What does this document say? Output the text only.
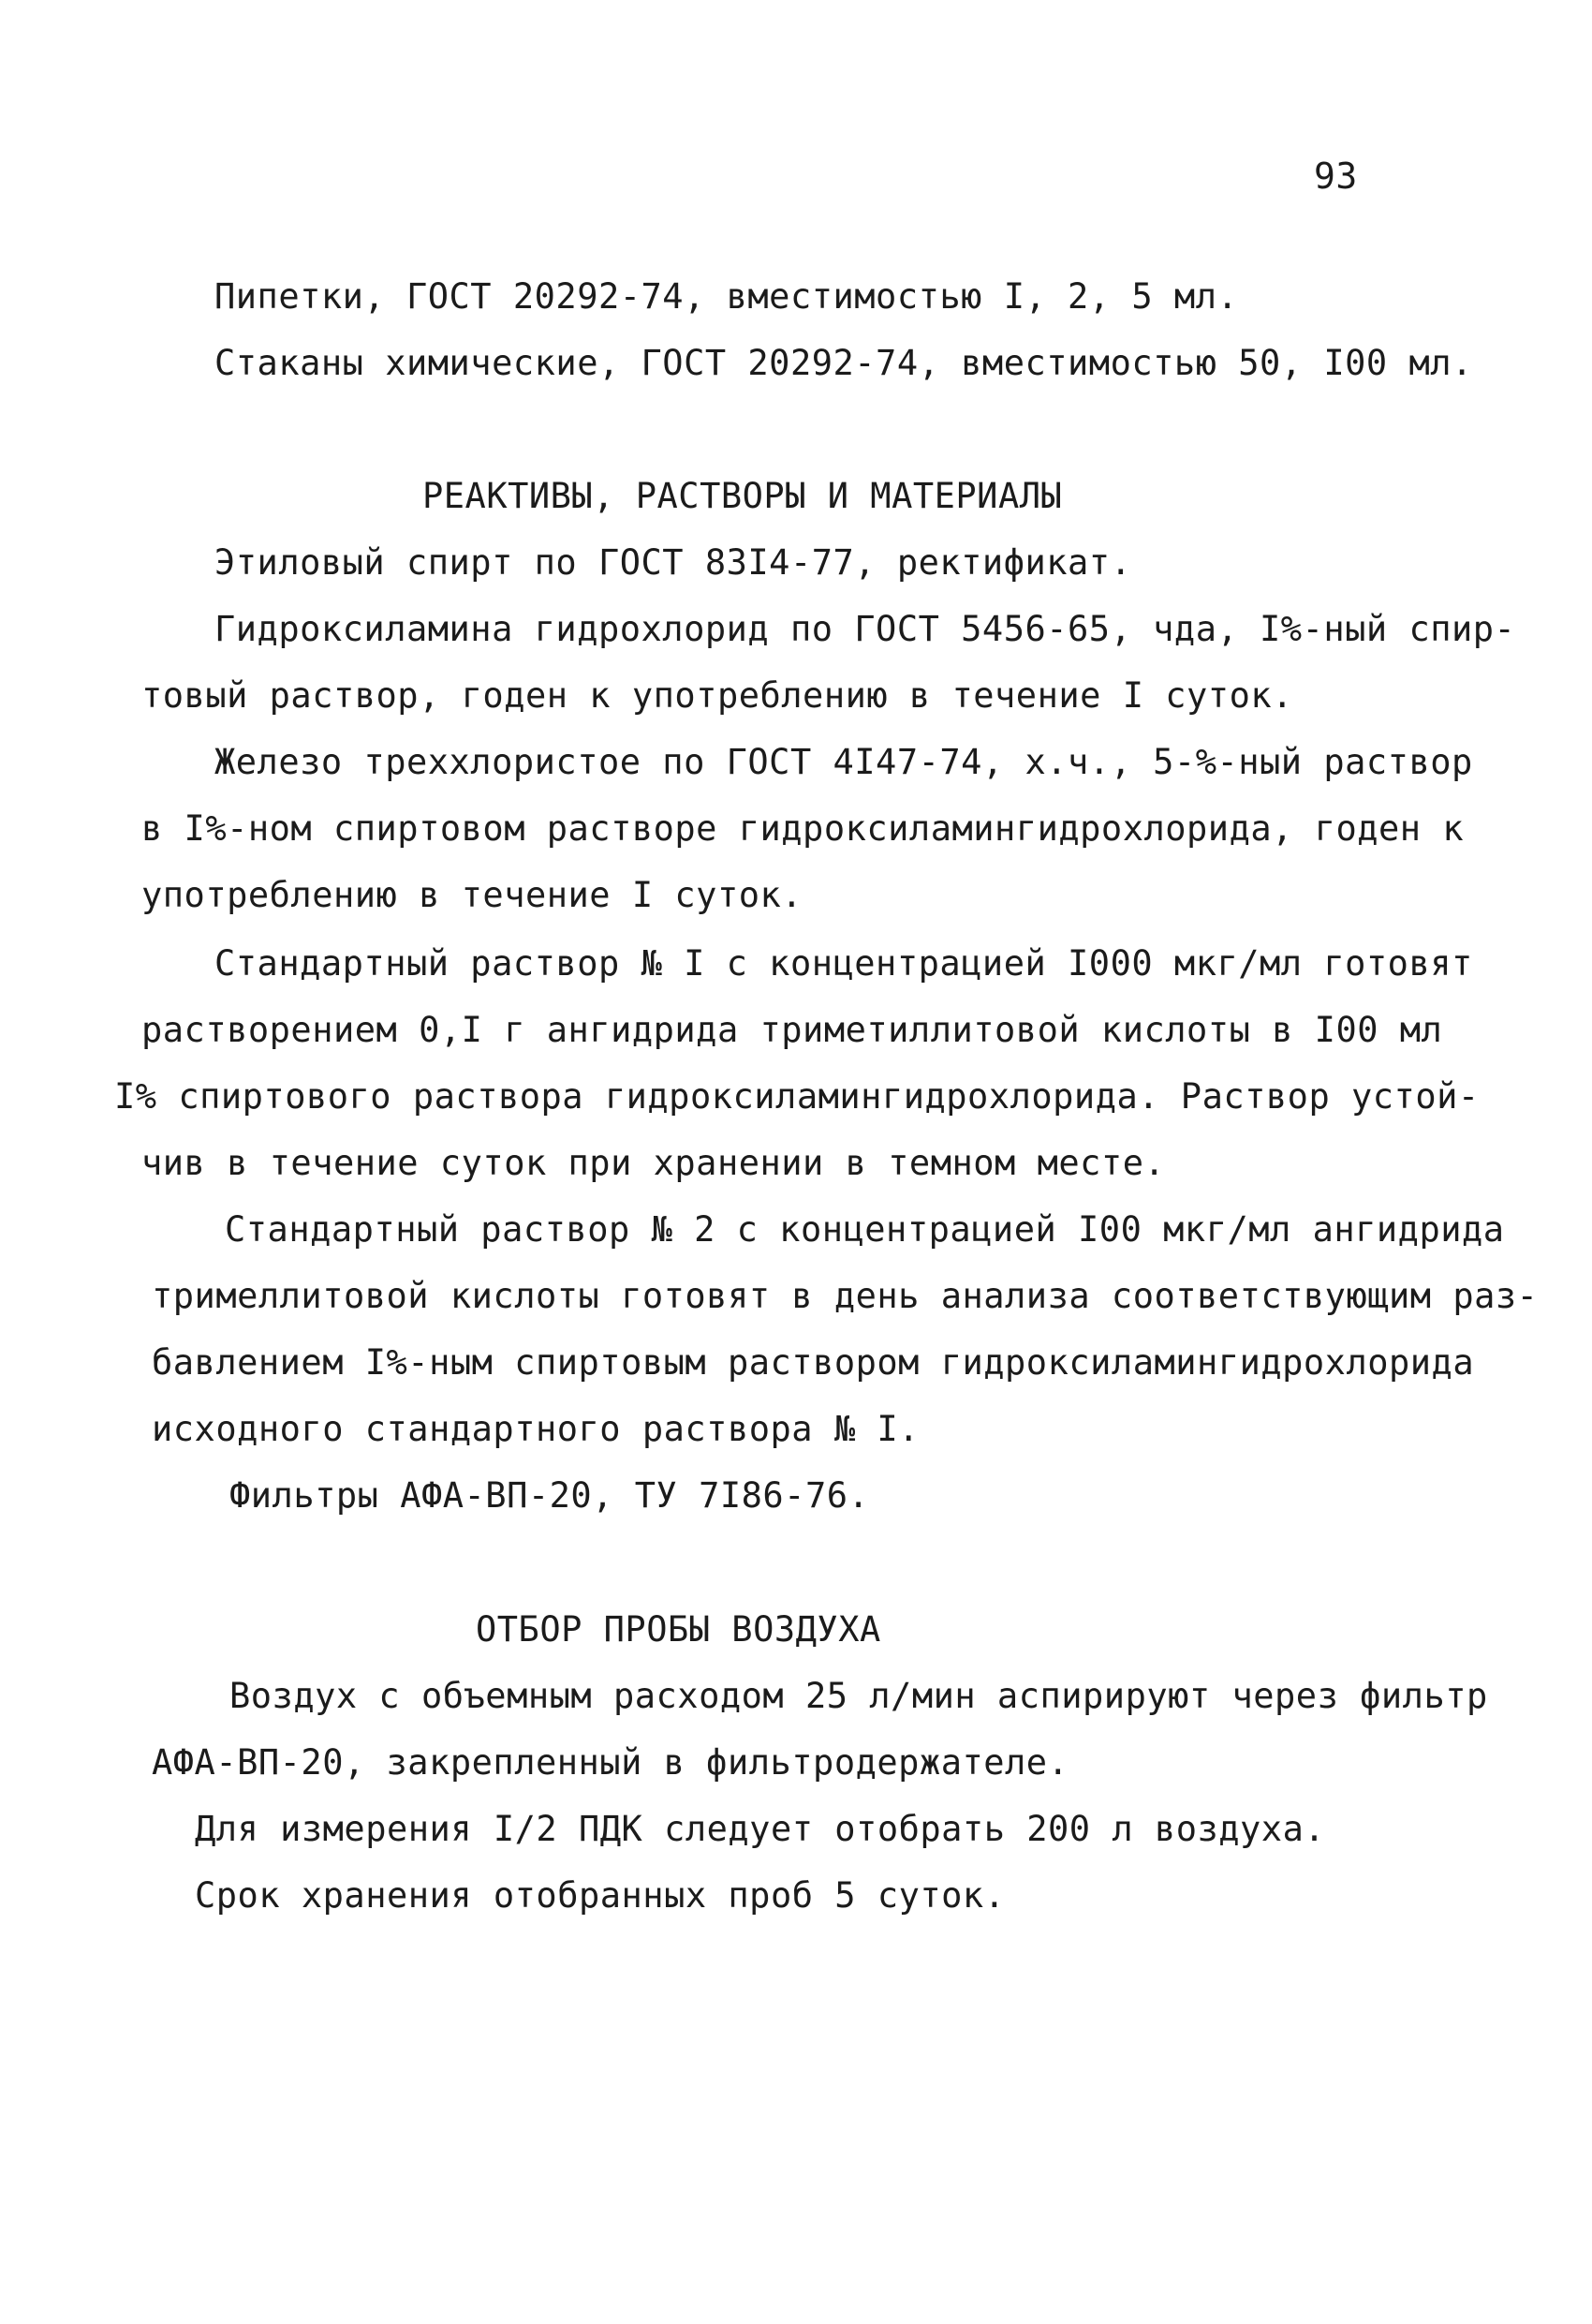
93
Пипетки, ГОСТ 20292-74, вместимостью I, 2, 5 мл.
Стаканы химические, ГОСТ 20292-74, вместимостью 50, I00 мл.
РЕАКТИВЫ, РАСТВОРЫ И МАТЕРИАЛЫ
Этиловый спирт по ГОСТ 83I4-77, ректификат.
Гидроксиламина гидрохлорид по ГОСТ 5456-65, чда, I%-ный спир-
товый раствор, годен к употреблению в течение I суток.
Железо треххлористое по ГОСТ 4I47-74, х.ч., 5-%-ный раствор
в I%-ном спиртовом растворе гидроксиламингидрохлорида, годен к
употреблению в течение I суток.
Стандартный раствор № I с концентрацией I000 мкг/мл готовят
растворением 0,I г ангидрида триметиллитовой кислоты в I00 мл
I% спиртового раствора гидроксиламингидрохлорида. Раствор устой-
чив в течение суток при хранении в темном месте.
Стандартный раствор № 2 с концентрацией I00 мкг/мл ангидрида
тримеллитовой кислоты готовят в день анализа соответствующим раз-
бавлением I%-ным спиртовым раствором гидроксиламингидрохлорида
исходного стандартного раствора № I.
Фильтры АФА-ВП-20, ТУ 7I86-76.
ОТБОР ПРОБЫ ВОЗДУХА
Воздух с объемным расходом 25 л/мин аспирируют через фильтр
АФА-ВП-20, закрепленный в фильтродержателе.
Для измерения I/2 ПДК следует отобрать 200 л воздуха.
Срок хранения отобранных проб 5 суток.
